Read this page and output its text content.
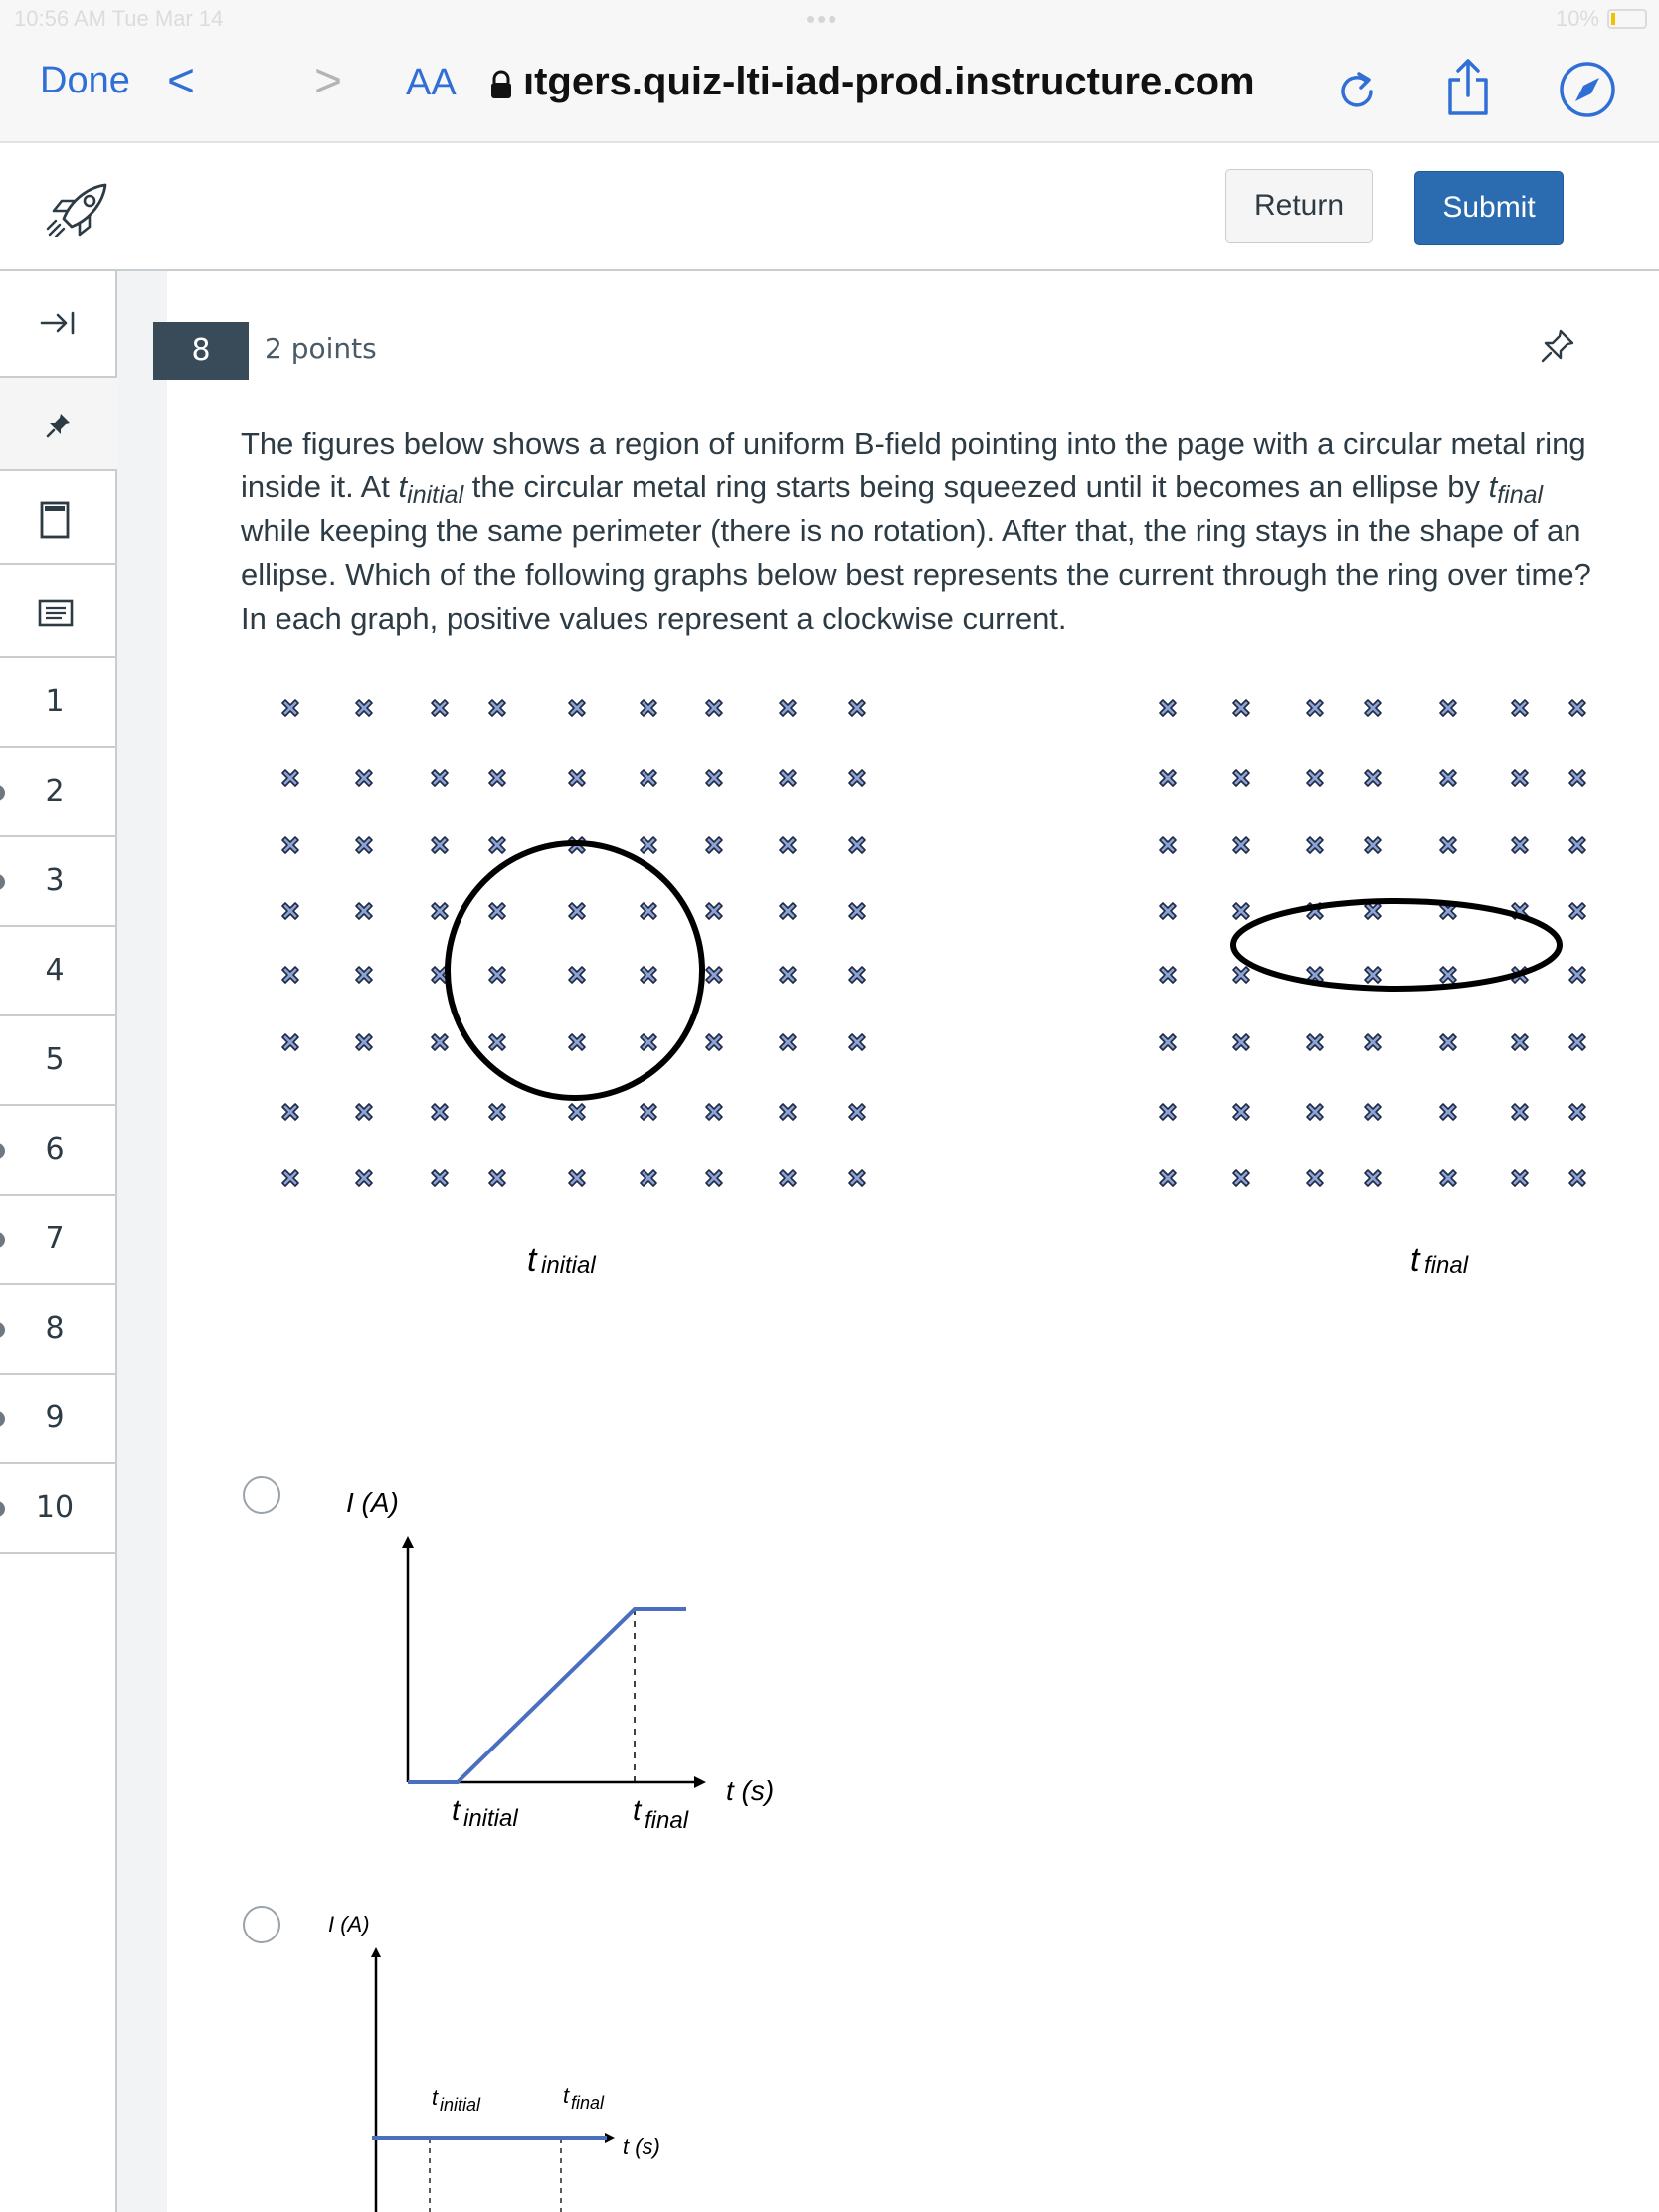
10:56 AM Tue Mar 14	•••	10%
Done < > AA ıtgers.quiz-lti-iad-prod.instructure.com
Return	Submit
1
2
3
4
5
6
7
8
9
10
8	2 points
The figures below shows a region of uniform B-field pointing into the page with a circular metal ring inside it. At $t_{initial}$ the circular metal ring starts being squeezed until it becomes an ellipse by $t_{final}$ while keeping the same perimeter (there is no rotation). After that, the ring stays in the shape of an ellipse. Which of the following graphs below best represents the current through the ring over time? In each graph, positive values represent a clockwise current.
t initial	t final
I (A)
t (s)
t initial	t final
I (A)
t (s)
t initial	t final
